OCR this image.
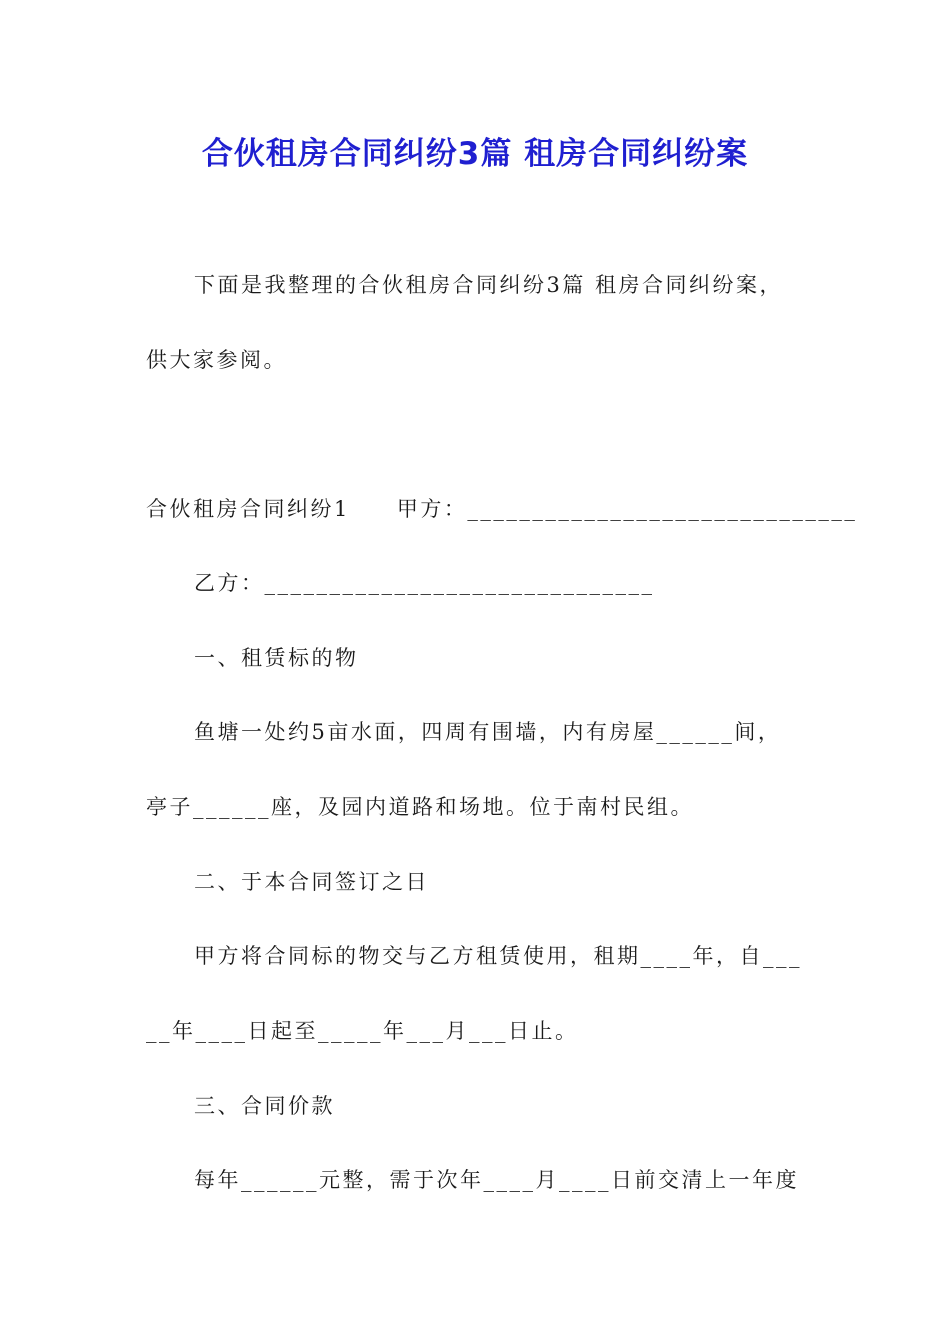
合伙租房合同纠纷3篇 租房合同纠纷案
下面是我整理的合伙租房合同纠纷3篇 租房合同纠纷案，
供大家参阅。
合伙租房合同纠纷1　　甲方：______________________________
乙方：______________________________
一、租赁标的物
鱼塘一处约5亩水面，四周有围墙，内有房屋______间，
亭子______座，及园内道路和场地。位于南村民组。
二、于本合同签订之日
甲方将合同标的物交与乙方租赁使用，租期____年，自___
__年____日起至_____年___月___日止。
三、合同价款
每年______元整，需于次年____月____日前交清上一年度
